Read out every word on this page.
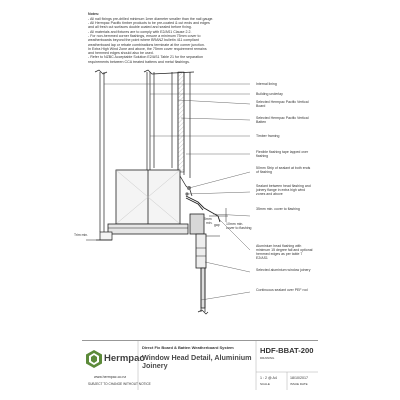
Notes:
- All nail fixings pre-drilled minimum 1mm diameter smaller than the nail gauge.
- All Hermpac Pacific timber products to be pre-coated & cut ends and edges
and all fresh cut surfaces double coated and sealed before fixing.
- All materials and fixtures are to comply with E2/AS1 Clause 2.2.
- For non-hemmed corner flashings, ensure a minimum 75mm cover to
weatherboards beyond the point where BRANZ bulletin 411 compliant
weatherboard lap or rebate combinations terminate at the corner junction.
In Extra High Wind Zone and above, the 75mm cover requirement remains
and hemmed edges should also be used.
- Refer to NZBC Acceptable Solution E2/AS1 Table 21 for the separation
requirements between CCA treated battens and metal flashings.
Internal lining
Building underlay
Selected Hermpac Pacific Vertical Board
Selected Hermpac Pacific Vertical Batten
Timber framing
Flexible flashing tape lapped over flashing
50mm Strip of sealant at both ends of flashing
Sealant between head flashing and joinery flange in extra high wind zones and above
35mm min. cover to flashing
Aluminium head flashing with minimum 15 degree fall and optional hemmed edges as per table 7 E2/AS1
Selected aluminium window joinery
Continuous sealant over PEF rod
Trim min.
5mm
min. gap 10mm min. cover to flashing
Hermpac
www.hermpac.co.nz
SUBJECT TO CHANGE WITHOUT NOTICE
Direct Fix Board & Batten Weatherboard System
Window Head Detail, Aluminium Joinery
HDF-BBAT-200
DRAWING
1 : 2 @ A4
SCALE
18/10/2017
ISSUE DATE
